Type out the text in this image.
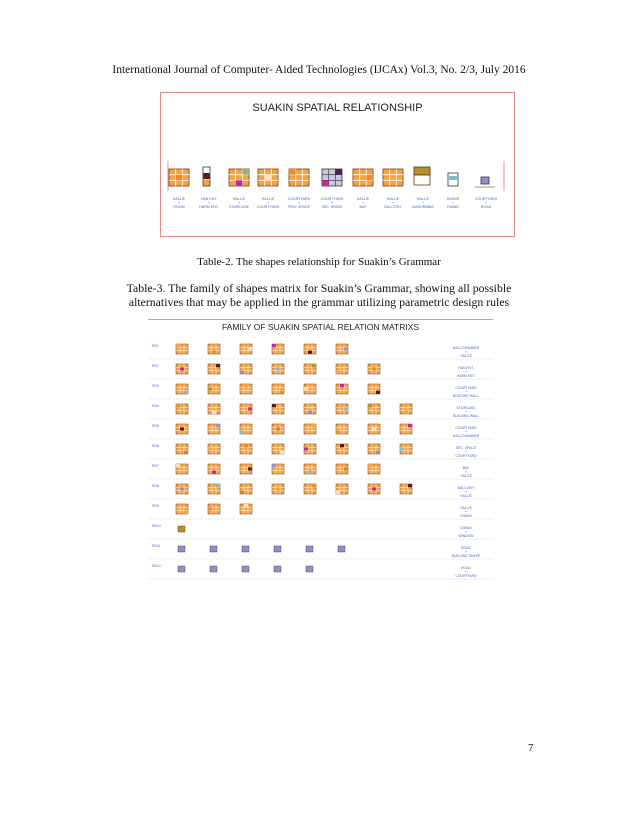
International Journal of Computer- Aided Technologies (IJCAx) Vol.3, No. 2/3, July 2016
SUAKIN SPATIAL RELATIONSHIP
HALL/E
+
ROOM
HAN ENT.
+
HARM ENT.
HALL/E
+
STAIRCASE
HALL/E
+
COURTYARD
COURTYARD
+
PRIV. SPACE
COURTYARD
+
SEC. SPACE
HALL/E
+
BAY
HALL/E
+
BALCONY
HALL/E
+
MASHRABIA
DIWA/E
+
DIWAN
COURTYARD
+
ROAD
Table-2. The shapes relationship for Suakin’s Grammar
Table-3. The family of shapes matrix for Suakin’s Grammar, showing all possible alternatives that may be applied in the grammar utilizing parametric design rules
FAMILY OF SUAKIN SPATIAL RELATION MATRIXS
RD1
RD2
RD3
RD4
RD5
RD6
RD7
RD8
RD9
RD10
RD11
RD12
HALL/CHAMBER
+
HALL/E
HAN ENT.
+
HARM ENT.
COURTYARD
+
BUILDING WALL
STAIRCASE
+
BUILDING WALL
COURTYARD
+
HALL/CHAMBER
SEC. SPACE
+
COURTYARD
BAY
+
HALL/E
BALCONY
+
HALL/E
HALL/E
+
DIWAN
DIWAN
+
WINDOW
ROAD
+
BUILDING SHAPE
ROAD
+
COURTYARD
7
